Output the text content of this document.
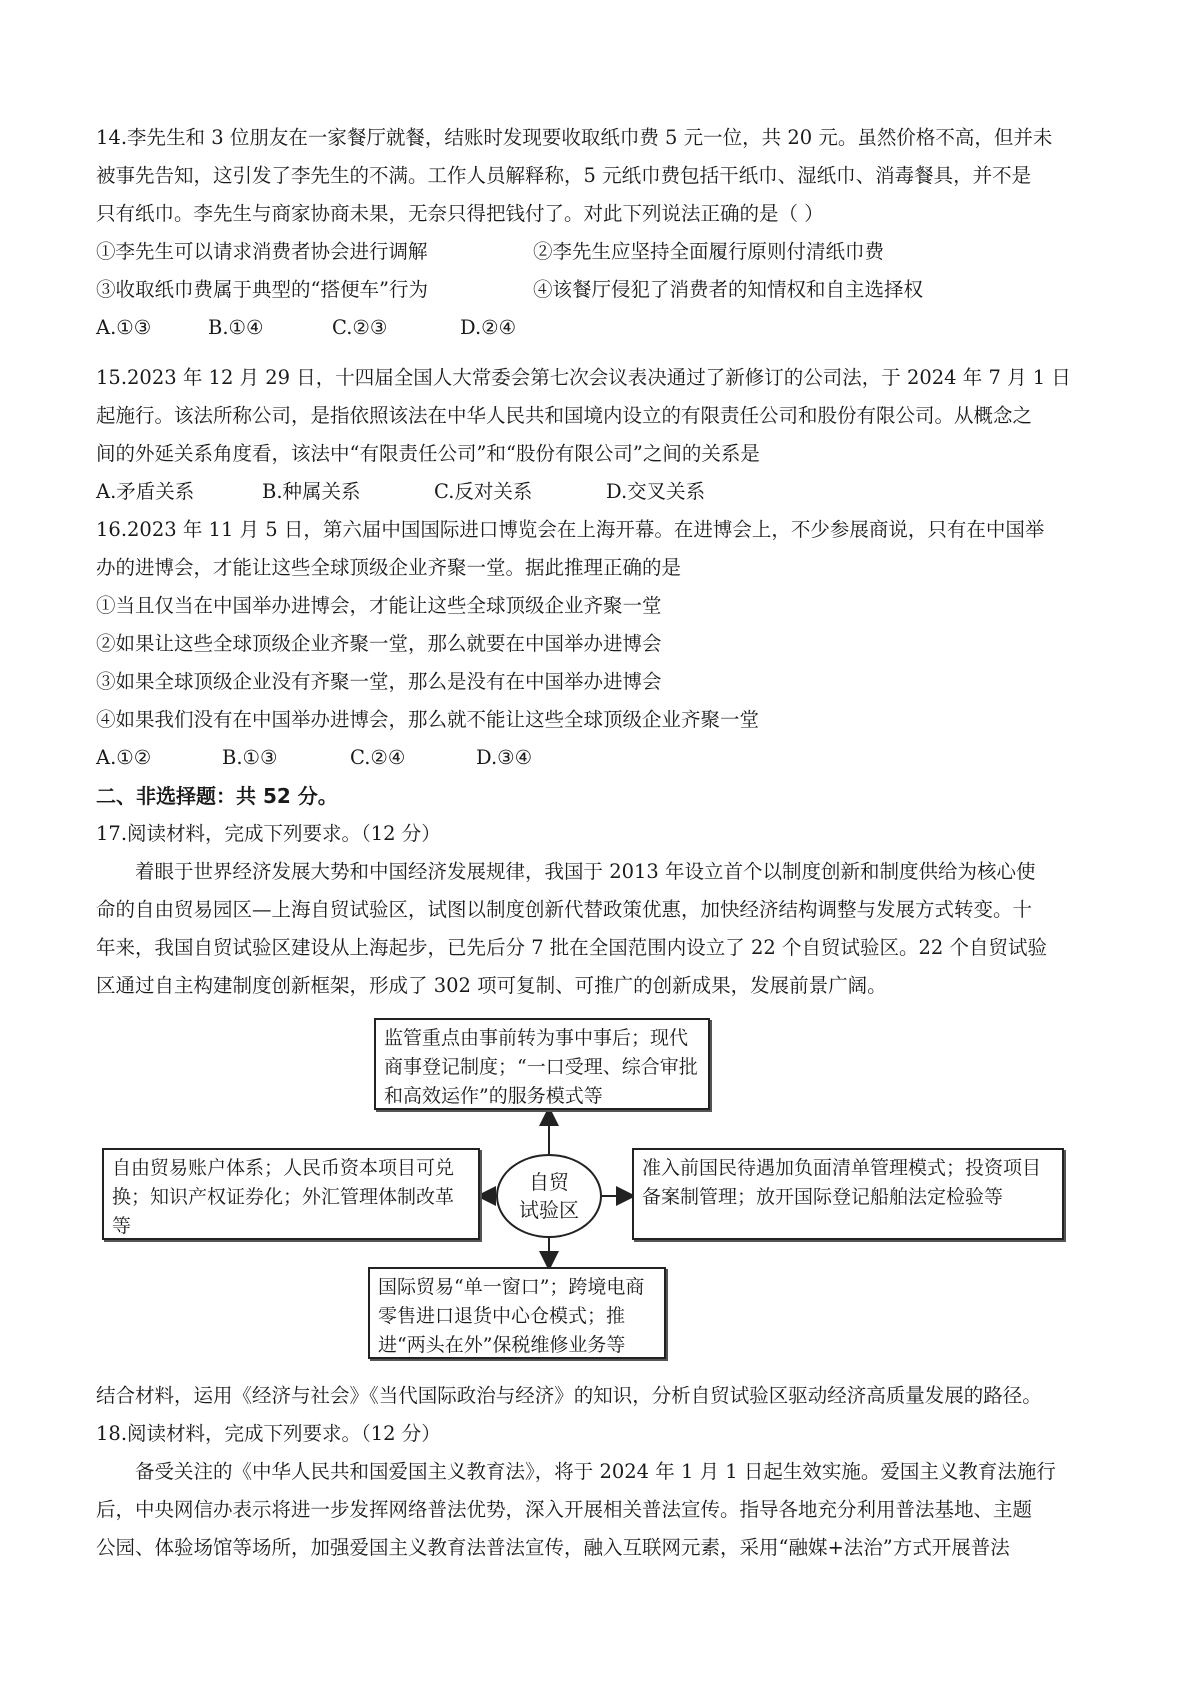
14.李先生和 3 位朋友在一家餐厅就餐，结账时发现要收取纸巾费 5 元一位，共 20 元。虽然价格不高，但并未
被事先告知，这引发了李先生的不满。工作人员解释称，5 元纸巾费包括干纸巾、湿纸巾、消毒餐具，并不是
只有纸巾。李先生与商家协商未果，无奈只得把钱付了。对此下列说法正确的是（ ）
①李先生可以请求消费者协会进行调解	②李先生应坚持全面履行原则付清纸巾费
③收取纸巾费属于典型的“搭便车”行为	④该餐厅侵犯了消费者的知情权和自主选择权
A.①③	B.①④	C.②③	D.②④
15.2023 年 12 月 29 日，十四届全国人大常委会第七次会议表决通过了新修订的公司法，于 2024 年 7 月 1 日
起施行。该法所称公司，是指依照该法在中华人民共和国境内设立的有限责任公司和股份有限公司。从概念之
间的外延关系角度看，该法中“有限责任公司”和“股份有限公司”之间的关系是
A.矛盾关系	B.种属关系	C.反对关系	D.交叉关系
16.2023 年 11 月 5 日，第六届中国国际进口博览会在上海开幕。在进博会上，不少参展商说，只有在中国举
办的进博会，才能让这些全球顶级企业齐聚一堂。据此推理正确的是
①当且仅当在中国举办进博会，才能让这些全球顶级企业齐聚一堂
②如果让这些全球顶级企业齐聚一堂，那么就要在中国举办进博会
③如果全球顶级企业没有齐聚一堂，那么是没有在中国举办进博会
④如果我们没有在中国举办进博会，那么就不能让这些全球顶级企业齐聚一堂
A.①②	B.①③	C.②④	D.③④
二、非选择题：共 52 分。
17.阅读材料，完成下列要求。（12 分）
着眼于世界经济发展大势和中国经济发展规律，我国于 2013 年设立首个以制度创新和制度供给为核心使
命的自由贸易园区—上海自贸试验区，试图以制度创新代替政策优惠，加快经济结构调整与发展方式转变。十
年来，我国自贸试验区建设从上海起步，已先后分 7 批在全国范围内设立了 22 个自贸试验区。22 个自贸试验
区通过自主构建制度创新框架，形成了 302 项可复制、可推广的创新成果，发展前景广阔。
监管重点由事前转为事中事后；现代商事登记制度；“一口受理、综合审批和高效运作”的服务模式等
自由贸易账户体系；人民币资本项目可兑换；知识产权证券化；外汇管理体制改革等
准入前国民待遇加负面清单管理模式；投资项目备案制管理；放开国际登记船舶法定检验等
国际贸易“单一窗口”；跨境电商零售进口退货中心仓模式；推进“两头在外”保税维修业务等
自贸
试验区
结合材料，运用《经济与社会》《当代国际政治与经济》的知识，分析自贸试验区驱动经济高质量发展的路径。
18.阅读材料，完成下列要求。（12 分）
备受关注的《中华人民共和国爱国主义教育法》，将于 2024 年 1 月 1 日起生效实施。爱国主义教育法施行
后，中央网信办表示将进一步发挥网络普法优势，深入开展相关普法宣传。指导各地充分利用普法基地、主题
公园、体验场馆等场所，加强爱国主义教育法普法宣传，融入互联网元素，采用“融媒+法治”方式开展普法
